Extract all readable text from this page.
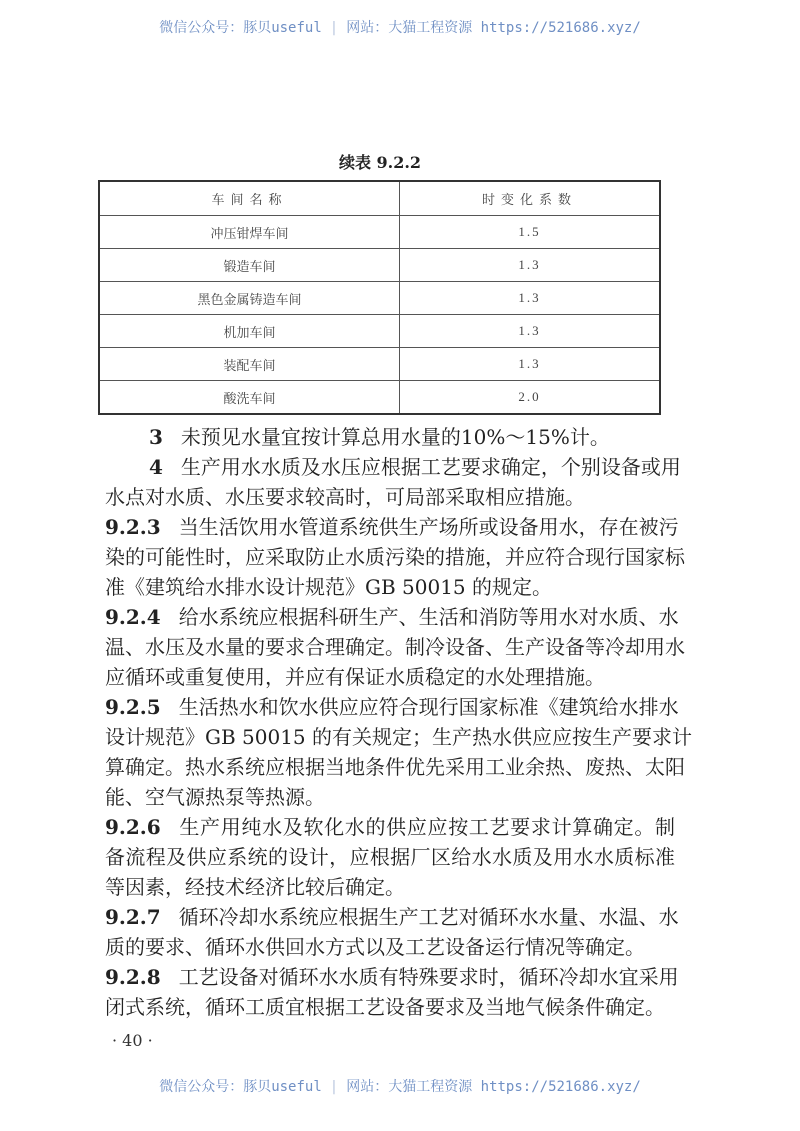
微信公众号：豚贝useful | 网站：大猫工程资源 https://521686.xyz/
续表 9.2.2
车间名称	时变化系数
冲压钳焊车间	1.5
锻造车间	1.3
黑色金属铸造车间	1.3
机加车间	1.3
装配车间	1.3
酸洗车间	2.0
3 未预见水量宜按计算总用水量的10%～15%计。
4 生产用水水质及水压应根据工艺要求确定，个别设备或用
水点对水质、水压要求较高时，可局部采取相应措施。
9.2.3 当生活饮用水管道系统供生产场所或设备用水，存在被污
染的可能性时，应采取防止水质污染的措施，并应符合现行国家标
准《建筑给水排水设计规范》GB 50015 的规定。
9.2.4 给水系统应根据科研生产、生活和消防等用水对水质、水
温、水压及水量的要求合理确定。制冷设备、生产设备等冷却用水
应循环或重复使用，并应有保证水质稳定的水处理措施。
9.2.5 生活热水和饮水供应应符合现行国家标准《建筑给水排水
设计规范》GB 50015 的有关规定；生产热水供应应按生产要求计
算确定。热水系统应根据当地条件优先采用工业余热、废热、太阳
能、空气源热泵等热源。
9.2.6 生产用纯水及软化水的供应应按工艺要求计算确定。制
备流程及供应系统的设计，应根据厂区给水水质及用水水质标准
等因素，经技术经济比较后确定。
9.2.7 循环冷却水系统应根据生产工艺对循环水水量、水温、水
质的要求、循环水供回水方式以及工艺设备运行情况等确定。
9.2.8 工艺设备对循环水水质有特殊要求时，循环冷却水宜采用
闭式系统，循环工质宜根据工艺设备要求及当地气候条件确定。
· 40 ·
微信公众号：豚贝useful | 网站：大猫工程资源 https://521686.xyz/
